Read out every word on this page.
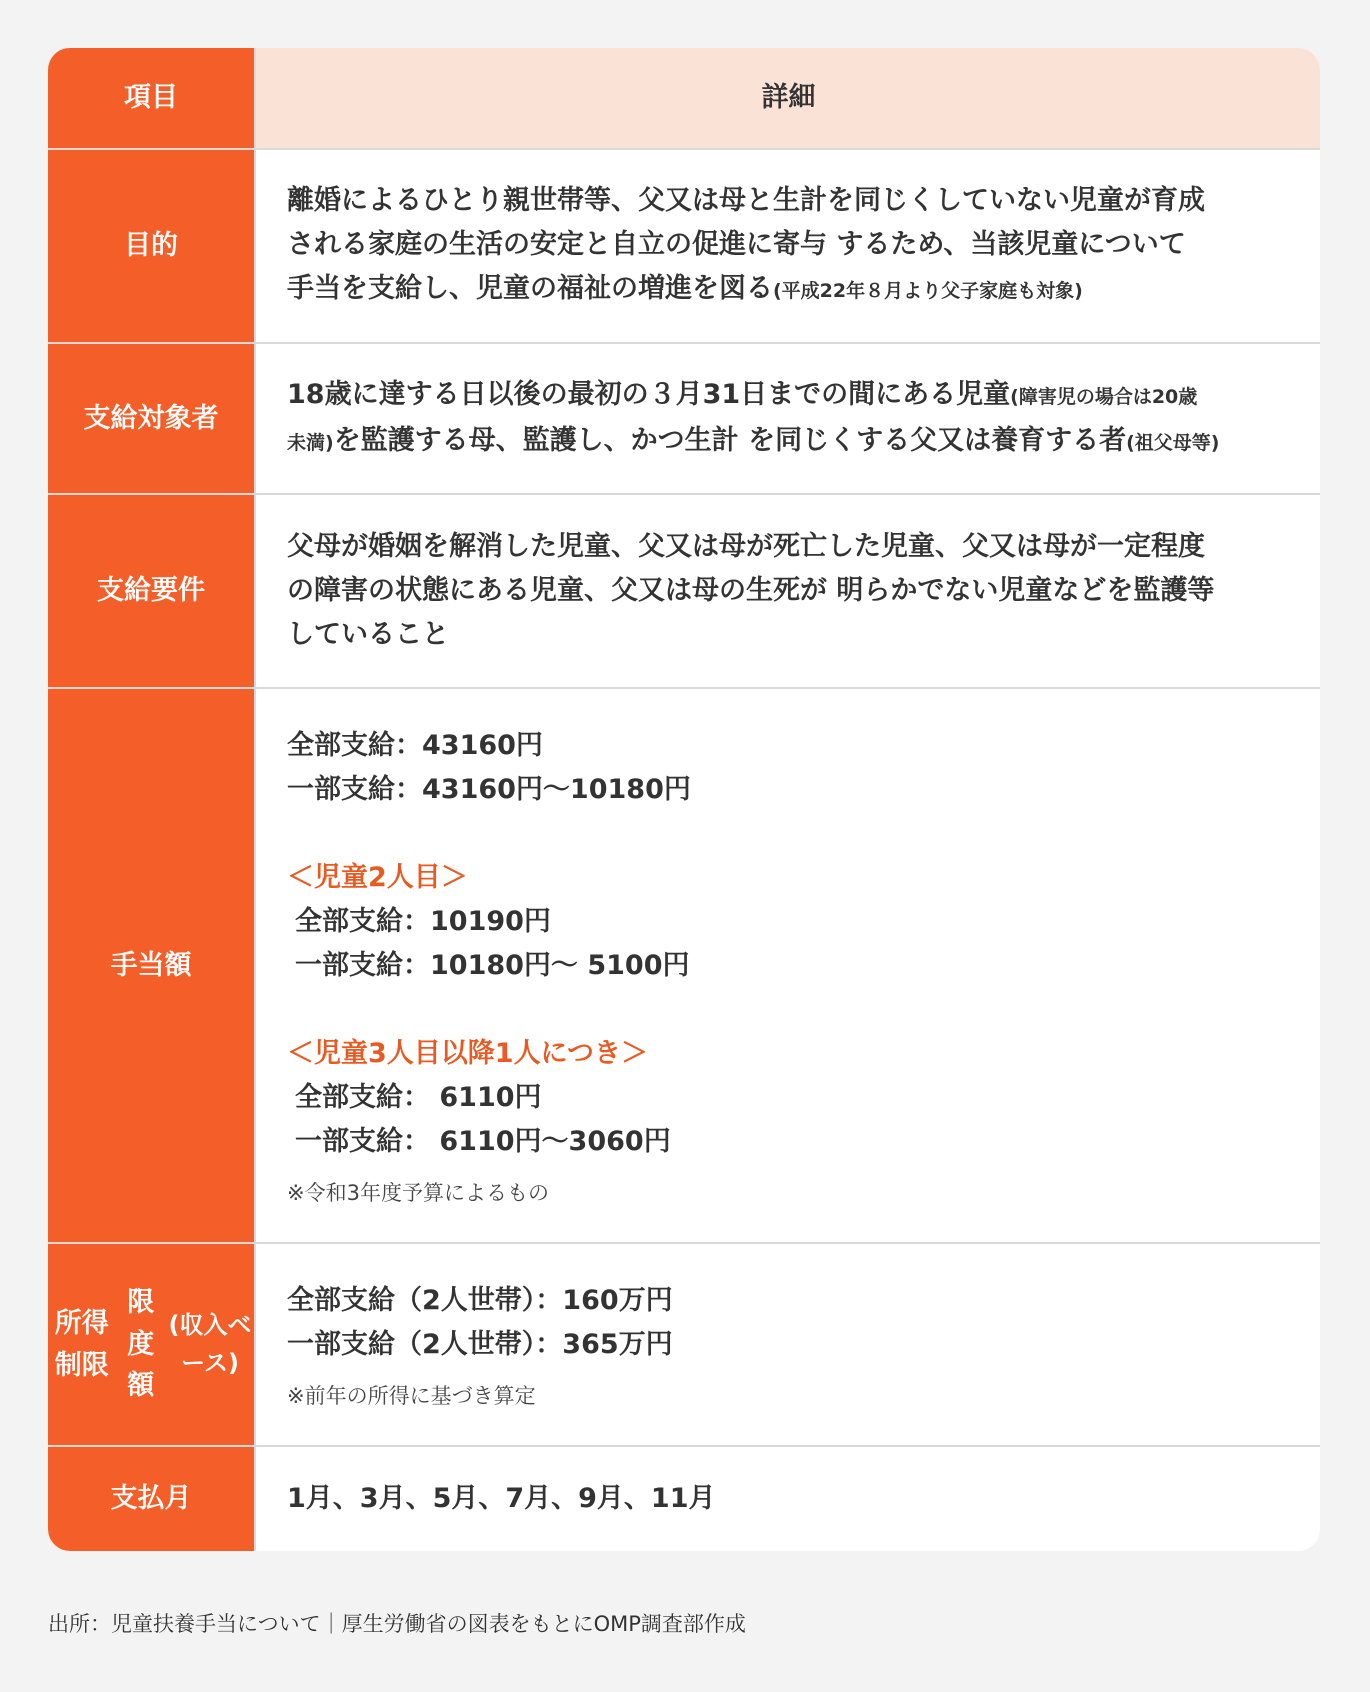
項目	詳細
目的
離婚によるひとり親世帯等、父又は母と生計を同じくしていない児童が育成
される家庭の生活の安定と自立の促進に寄与 するため、当該児童について
手当を支給し、児童の福祉の増進を図る(平成22年８月より父子家庭も対象)
支給対象者
18歳に達する日以後の最初の３月31日までの間にある児童(障害児の場合は20歳
未満)を監護する母、監護し、かつ生計 を同じくする父又は養育する者(祖父母等)
支給要件
父母が婚姻を解消した児童、父又は母が死亡した児童、父又は母が一定程度
の障害の状態にある児童、父又は母の生死が 明らかでない児童などを監護等
していること
手当額
全部支給：43160円
一部支給：43160円〜10180円
＜児童2人目＞
全部支給：10190円
一部支給：10180円〜 5100円
＜児童3人目以降1人につき＞
全部支給： 6110円
一部支給： 6110円〜3060円
※令和3年度予算によるもの
所得制限
限度額
(収入ベース)
全部支給（2人世帯）：160万円
一部支給（2人世帯）：365万円
※前年の所得に基づき算定
支払月	1月、3月、5月、7月、9月、11月
出所：児童扶養手当について｜厚生労働省の図表をもとにOMP調査部作成
